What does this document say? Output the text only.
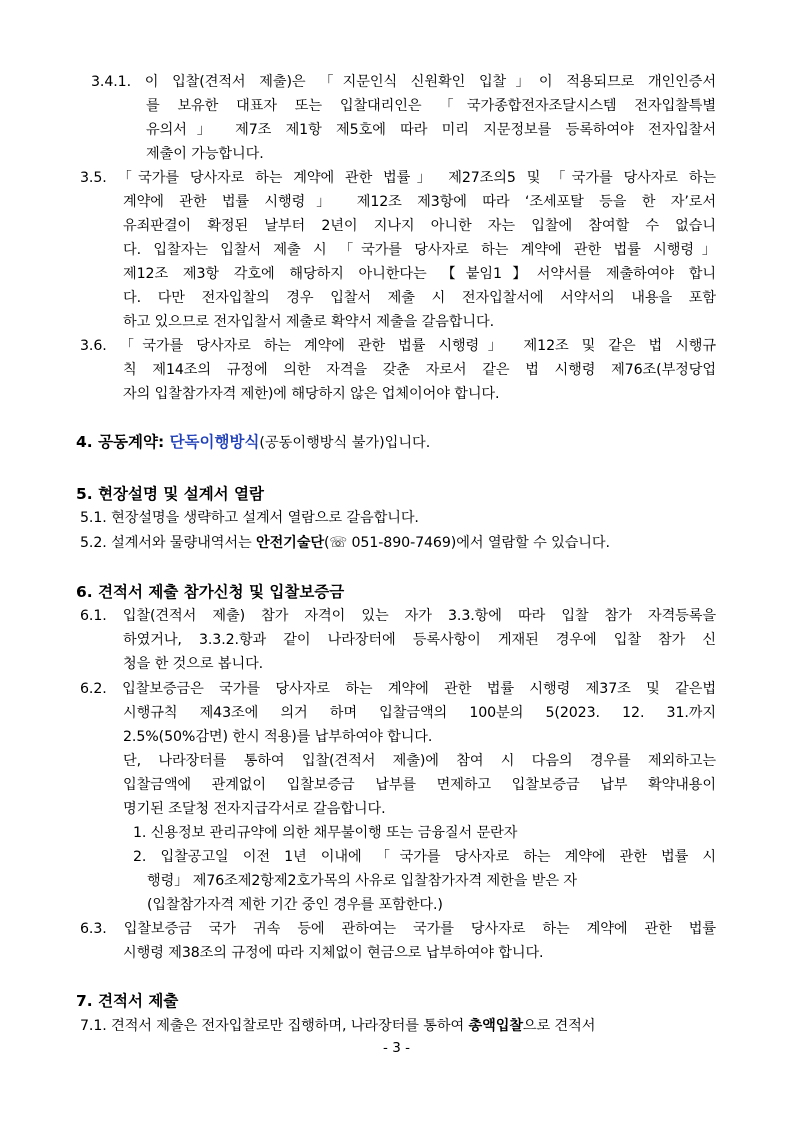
3.4.1. 이 입찰(견적서 제출)은 「지문인식 신원확인 입찰」이 적용되므로 개인인증서
를 보유한 대표자 또는 입찰대리인은 「국가종합전자조달시스템 전자입찰특별
유의서」 제7조 제1항 제5호에 따라 미리 지문정보를 등록하여야 전자입찰서
제출이 가능합니다.
3.5. 「국가를 당사자로 하는 계약에 관한 법률」 제27조의5 및 「국가를 당사자로 하는
계약에 관한 법률 시행령」 제12조 제3항에 따라 ‘조세포탈 등을 한 자’로서
유죄판결이 확정된 날부터 2년이 지나지 아니한 자는 입찰에 참여할 수 없습니
다. 입찰자는 입찰서 제출 시 「국가를 당사자로 하는 계약에 관한 법률 시행령」
제12조 제3항 각호에 해당하지 아니한다는 【붙임1】서약서를 제출하여야 합니
다. 다만 전자입찰의 경우 입찰서 제출 시 전자입찰서에 서약서의 내용을 포함
하고 있으므로 전자입찰서 제출로 확약서 제출을 갈음합니다.
3.6. 「국가를 당사자로 하는 계약에 관한 법률 시행령」 제12조 및 같은 법 시행규
칙 제14조의 규정에 의한 자격을 갖춘 자로서 같은 법 시행령 제76조(부정당업
자의 입찰참가자격 제한)에 해당하지 않은 업체이어야 합니다.
4. 공동계약: 단독이행방식(공동이행방식 불가)입니다.
5. 현장설명 및 설계서 열람
5.1. 현장설명을 생략하고 설계서 열람으로 갈음합니다.
5.2. 설계서와 물량내역서는 안전기술단(☏ 051-890-7469)에서 열람할 수 있습니다.
6. 견적서 제출 참가신청 및 입찰보증금
6.1. 입찰(견적서 제출) 참가 자격이 있는 자가 3.3.항에 따라 입찰 참가 자격등록을
하였거나, 3.3.2.항과 같이 나라장터에 등록사항이 게재된 경우에 입찰 참가 신
청을 한 것으로 봅니다.
6.2. 입찰보증금은 국가를 당사자로 하는 계약에 관한 법률 시행령 제37조 및 같은법
시행규칙 제43조에 의거 하며 입찰금액의 100분의 5(2023. 12. 31.까지
2.5%(50%감면) 한시 적용)를 납부하여야 합니다.
단, 나라장터를 통하여 입찰(견적서 제출)에 참여 시 다음의 경우를 제외하고는
입찰금액에 관계없이 입찰보증금 납부를 면제하고 입찰보증금 납부 확약내용이
명기된 조달청 전자지급각서로 갈음합니다.
1. 신용정보 관리규약에 의한 채무불이행 또는 금융질서 문란자
2. 입찰공고일 이전 1년 이내에 「국가를 당사자로 하는 계약에 관한 법률 시
행령」 제76조제2항제2호가목의 사유로 입찰참가자격 제한을 받은 자
(입찰참가자격 제한 기간 중인 경우를 포함한다.)
6.3. 입찰보증금 국가 귀속 등에 관하여는 국가를 당사자로 하는 계약에 관한 법률
시행령 제38조의 규정에 따라 지체없이 현금으로 납부하여야 합니다.
7. 견적서 제출
7.1. 견적서 제출은 전자입찰로만 집행하며, 나라장터를 통하여 총액입찰으로 견적서
- 3 -
